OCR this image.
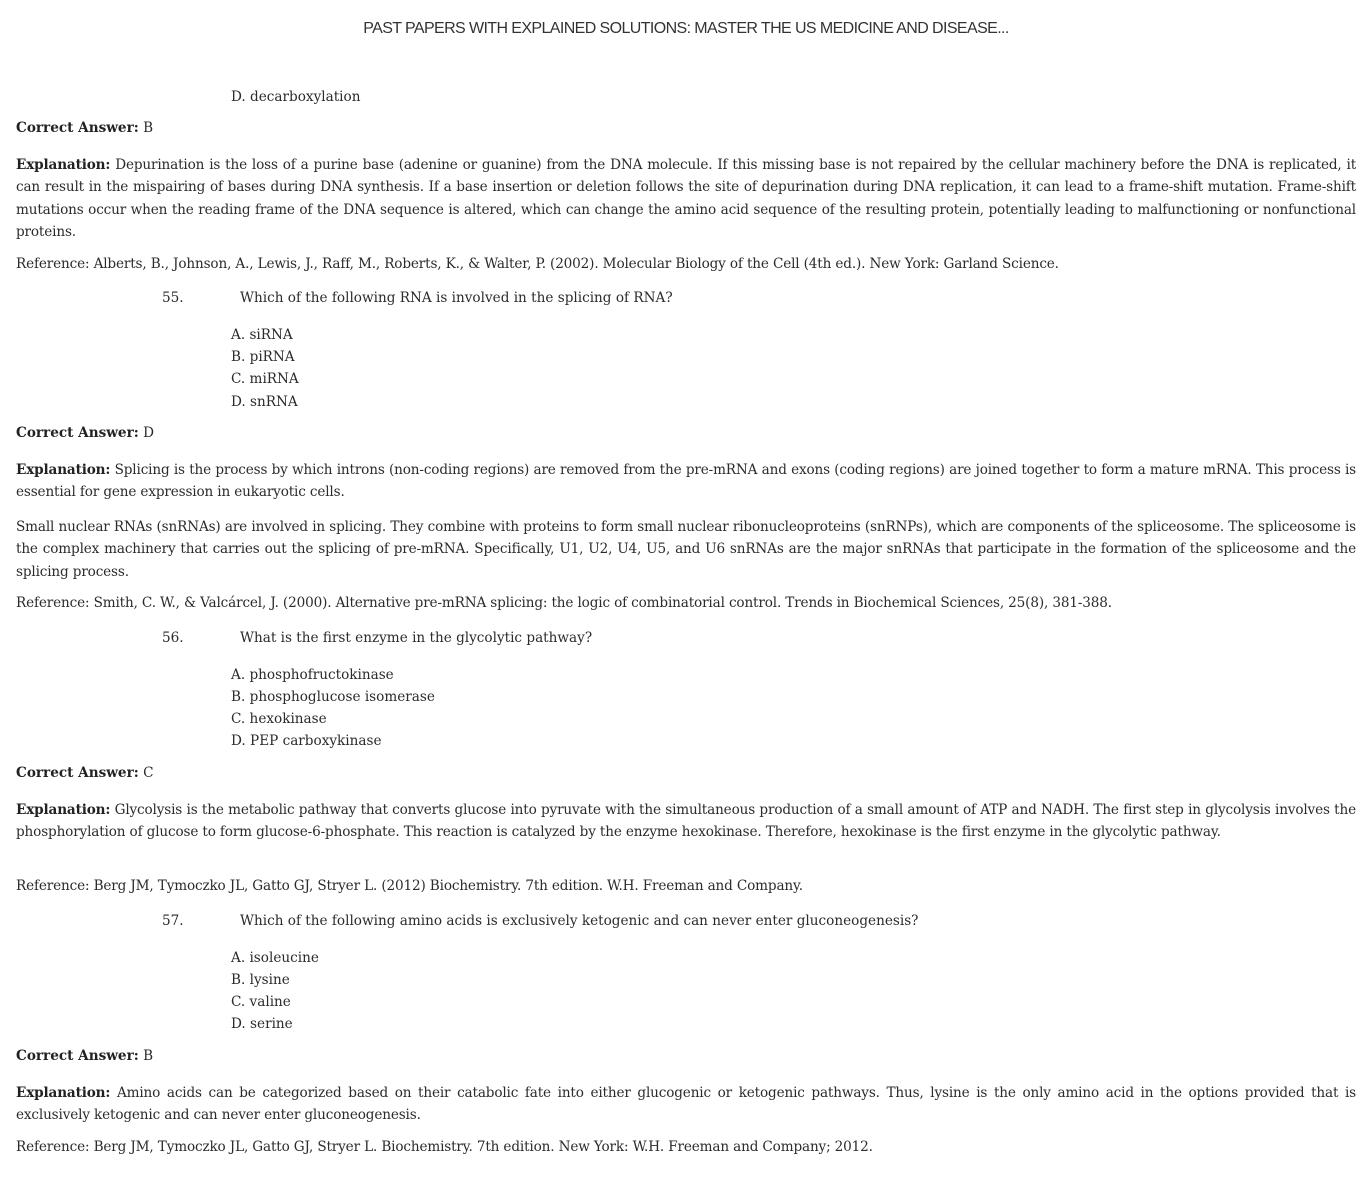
PAST PAPERS WITH EXPLAINED SOLUTIONS: MASTER THE US MEDICINE AND DISEASE...
D. decarboxylation
Correct Answer: B
Explanation: Depurination is the loss of a purine base (adenine or guanine) from the DNA molecule. If this missing base is not repaired by the cellular machinery before the DNA is replicated, it can result in the mispairing of bases during DNA synthesis. If a base insertion or deletion follows the site of depurination during DNA replication, it can lead to a frame-shift mutation. Frame-shift mutations occur when the reading frame of the DNA sequence is altered, which can change the amino acid sequence of the resulting protein, potentially leading to malfunctioning or nonfunctional proteins.
Reference: Alberts, B., Johnson, A., Lewis, J., Raff, M., Roberts, K., & Walter, P. (2002). Molecular Biology of the Cell (4th ed.). New York: Garland Science.
55.	Which of the following RNA is involved in the splicing of RNA?
A. siRNA
B. piRNA
C. miRNA
D. snRNA
Correct Answer: D
Explanation: Splicing is the process by which introns (non-coding regions) are removed from the pre-mRNA and exons (coding regions) are joined together to form a mature mRNA. This process is essential for gene expression in eukaryotic cells.
Small nuclear RNAs (snRNAs) are involved in splicing. They combine with proteins to form small nuclear ribonucleoproteins (snRNPs), which are components of the spliceosome. The spliceosome is the complex machinery that carries out the splicing of pre-mRNA. Specifically, U1, U2, U4, U5, and U6 snRNAs are the major snRNAs that participate in the formation of the spliceosome and the splicing process.
Reference: Smith, C. W., & Valcárcel, J. (2000). Alternative pre-mRNA splicing: the logic of combinatorial control. Trends in Biochemical Sciences, 25(8), 381-388.
56.	What is the first enzyme in the glycolytic pathway?
A. phosphofructokinase
B. phosphoglucose isomerase
C. hexokinase
D. PEP carboxykinase
Correct Answer: C
Explanation: Glycolysis is the metabolic pathway that converts glucose into pyruvate with the simultaneous production of a small amount of ATP and NADH. The first step in glycolysis involves the phosphorylation of glucose to form glucose-6-phosphate. This reaction is catalyzed by the enzyme hexokinase. Therefore, hexokinase is the first enzyme in the glycolytic pathway.
Reference: Berg JM, Tymoczko JL, Gatto GJ, Stryer L. (2012) Biochemistry. 7th edition. W.H. Freeman and Company.
57.	Which of the following amino acids is exclusively ketogenic and can never enter gluconeogenesis?
A. isoleucine
B. lysine
C. valine
D. serine
Correct Answer: B
Explanation: Amino acids can be categorized based on their catabolic fate into either glucogenic or ketogenic pathways. Thus, lysine is the only amino acid in the options provided that is exclusively ketogenic and can never enter gluconeogenesis.
Reference: Berg JM, Tymoczko JL, Gatto GJ, Stryer L. Biochemistry. 7th edition. New York: W.H. Freeman and Company; 2012.
